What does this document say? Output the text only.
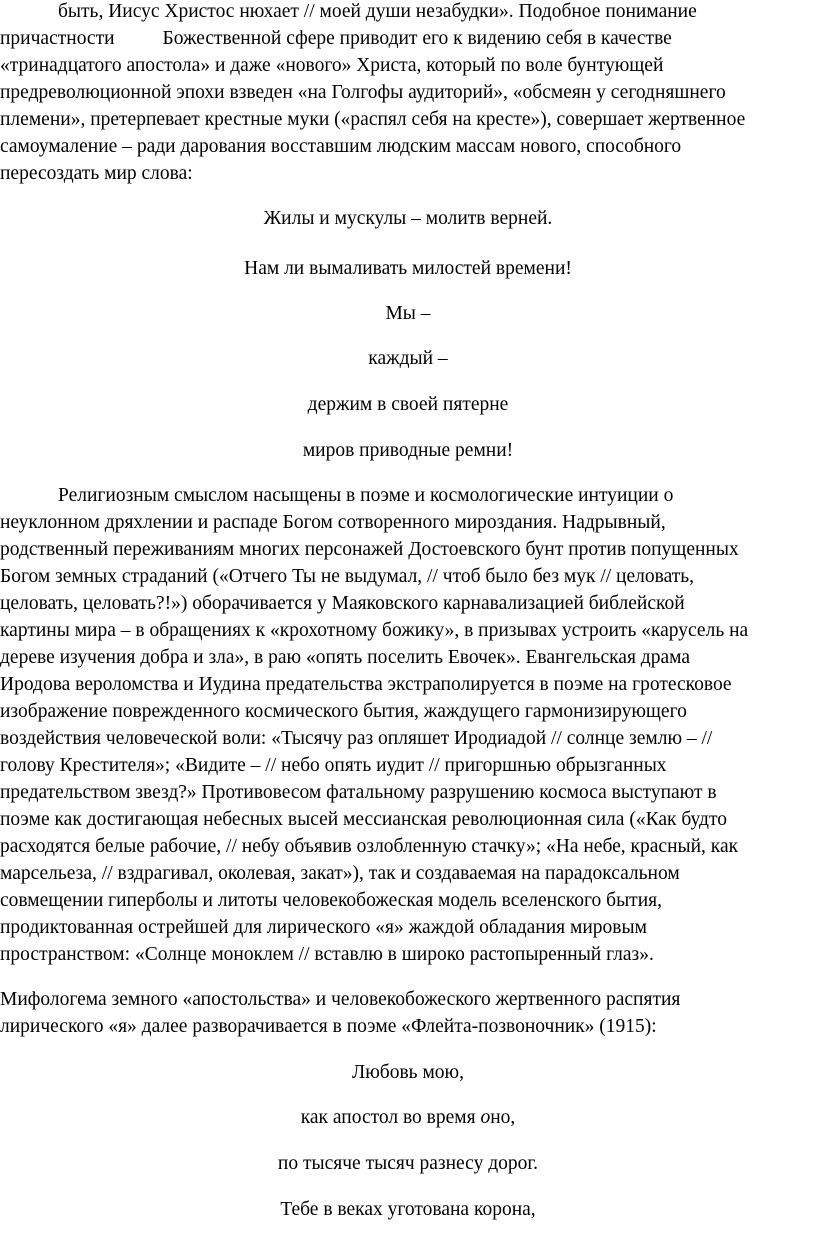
быть, Иисус Христос нюхает // моей души незабудки». Подобное понимание
причастности Божественной сфере приводит его к видению себя в качестве
«тринадцатого апостола» и даже «нового» Христа, который по воле бунтующей
предреволюционной эпохи взведен «на Голгофы аудиторий», «обсмеян у сегодняшнего
племени», претерпевает крестные муки («распял себя на кресте»), совершает жертвенное
самоумаление – ради дарования восставшим людским массам нового, способного
пересоздать мир слова:
Жилы и мускулы – молитв верней.
Нам ли вымаливать милостей времени!
Мы –
каждый –
держим в своей пятерне
миров приводные ремни!
Религиозным смыслом насыщены в поэме и космологические интуиции о
неуклонном дряхлении и распаде Богом сотворенного мироздания. Надрывный,
родственный переживаниям многих персонажей Достоевского бунт против попущенных
Богом земных страданий («Отчего Ты не выдумал, // чтоб было без мук // целовать,
целовать, целовать?!») оборачивается у Маяковского карнавализацией библейской
картины мира – в обращениях к «крохотному божику», в призывах устроить «карусель на
дереве изучения добра и зла», в раю «опять поселить Евочек». Евангельская драма
Иродова вероломства и Иудина предательства экстраполируется в поэме на гротесковое
изображение поврежденного космического бытия, жаждущего гармонизирующего
воздействия человеческой воли: «Тысячу раз опляшет Иродиадой // солнце землю – //
голову Крестителя»; «Видите – // небо опять иудит // пригоршнью обрызганных
предательством звезд?» Противовесом фатальному разрушению космоса выступают в
поэме как достигающая небесных высей мессианская революционная сила («Как будто
расходятся белые рабочие, // небу объявив озлобленную стачку»; «На небе, красный, как
марсельеза, // вздрагивал, околевая, закат»), так и создаваемая на парадоксальном
совмещении гиперболы и литоты человекобожеская модель вселенского бытия,
продиктованная острейшей для лирического «я» жаждой обладания мировым
пространством: «Солнце моноклем // вставлю в широко растопыренный глаз».
Мифологема земного «апостольства» и человекобожеского жертвенного распятия
лирического «я» далее разворачивается в поэме «Флейта-позвоночник» (1915):
Любовь мою,
как апостол во время оно,
по тысяче тысяч разнесу дорог.
Тебе в веках уготована корона,
